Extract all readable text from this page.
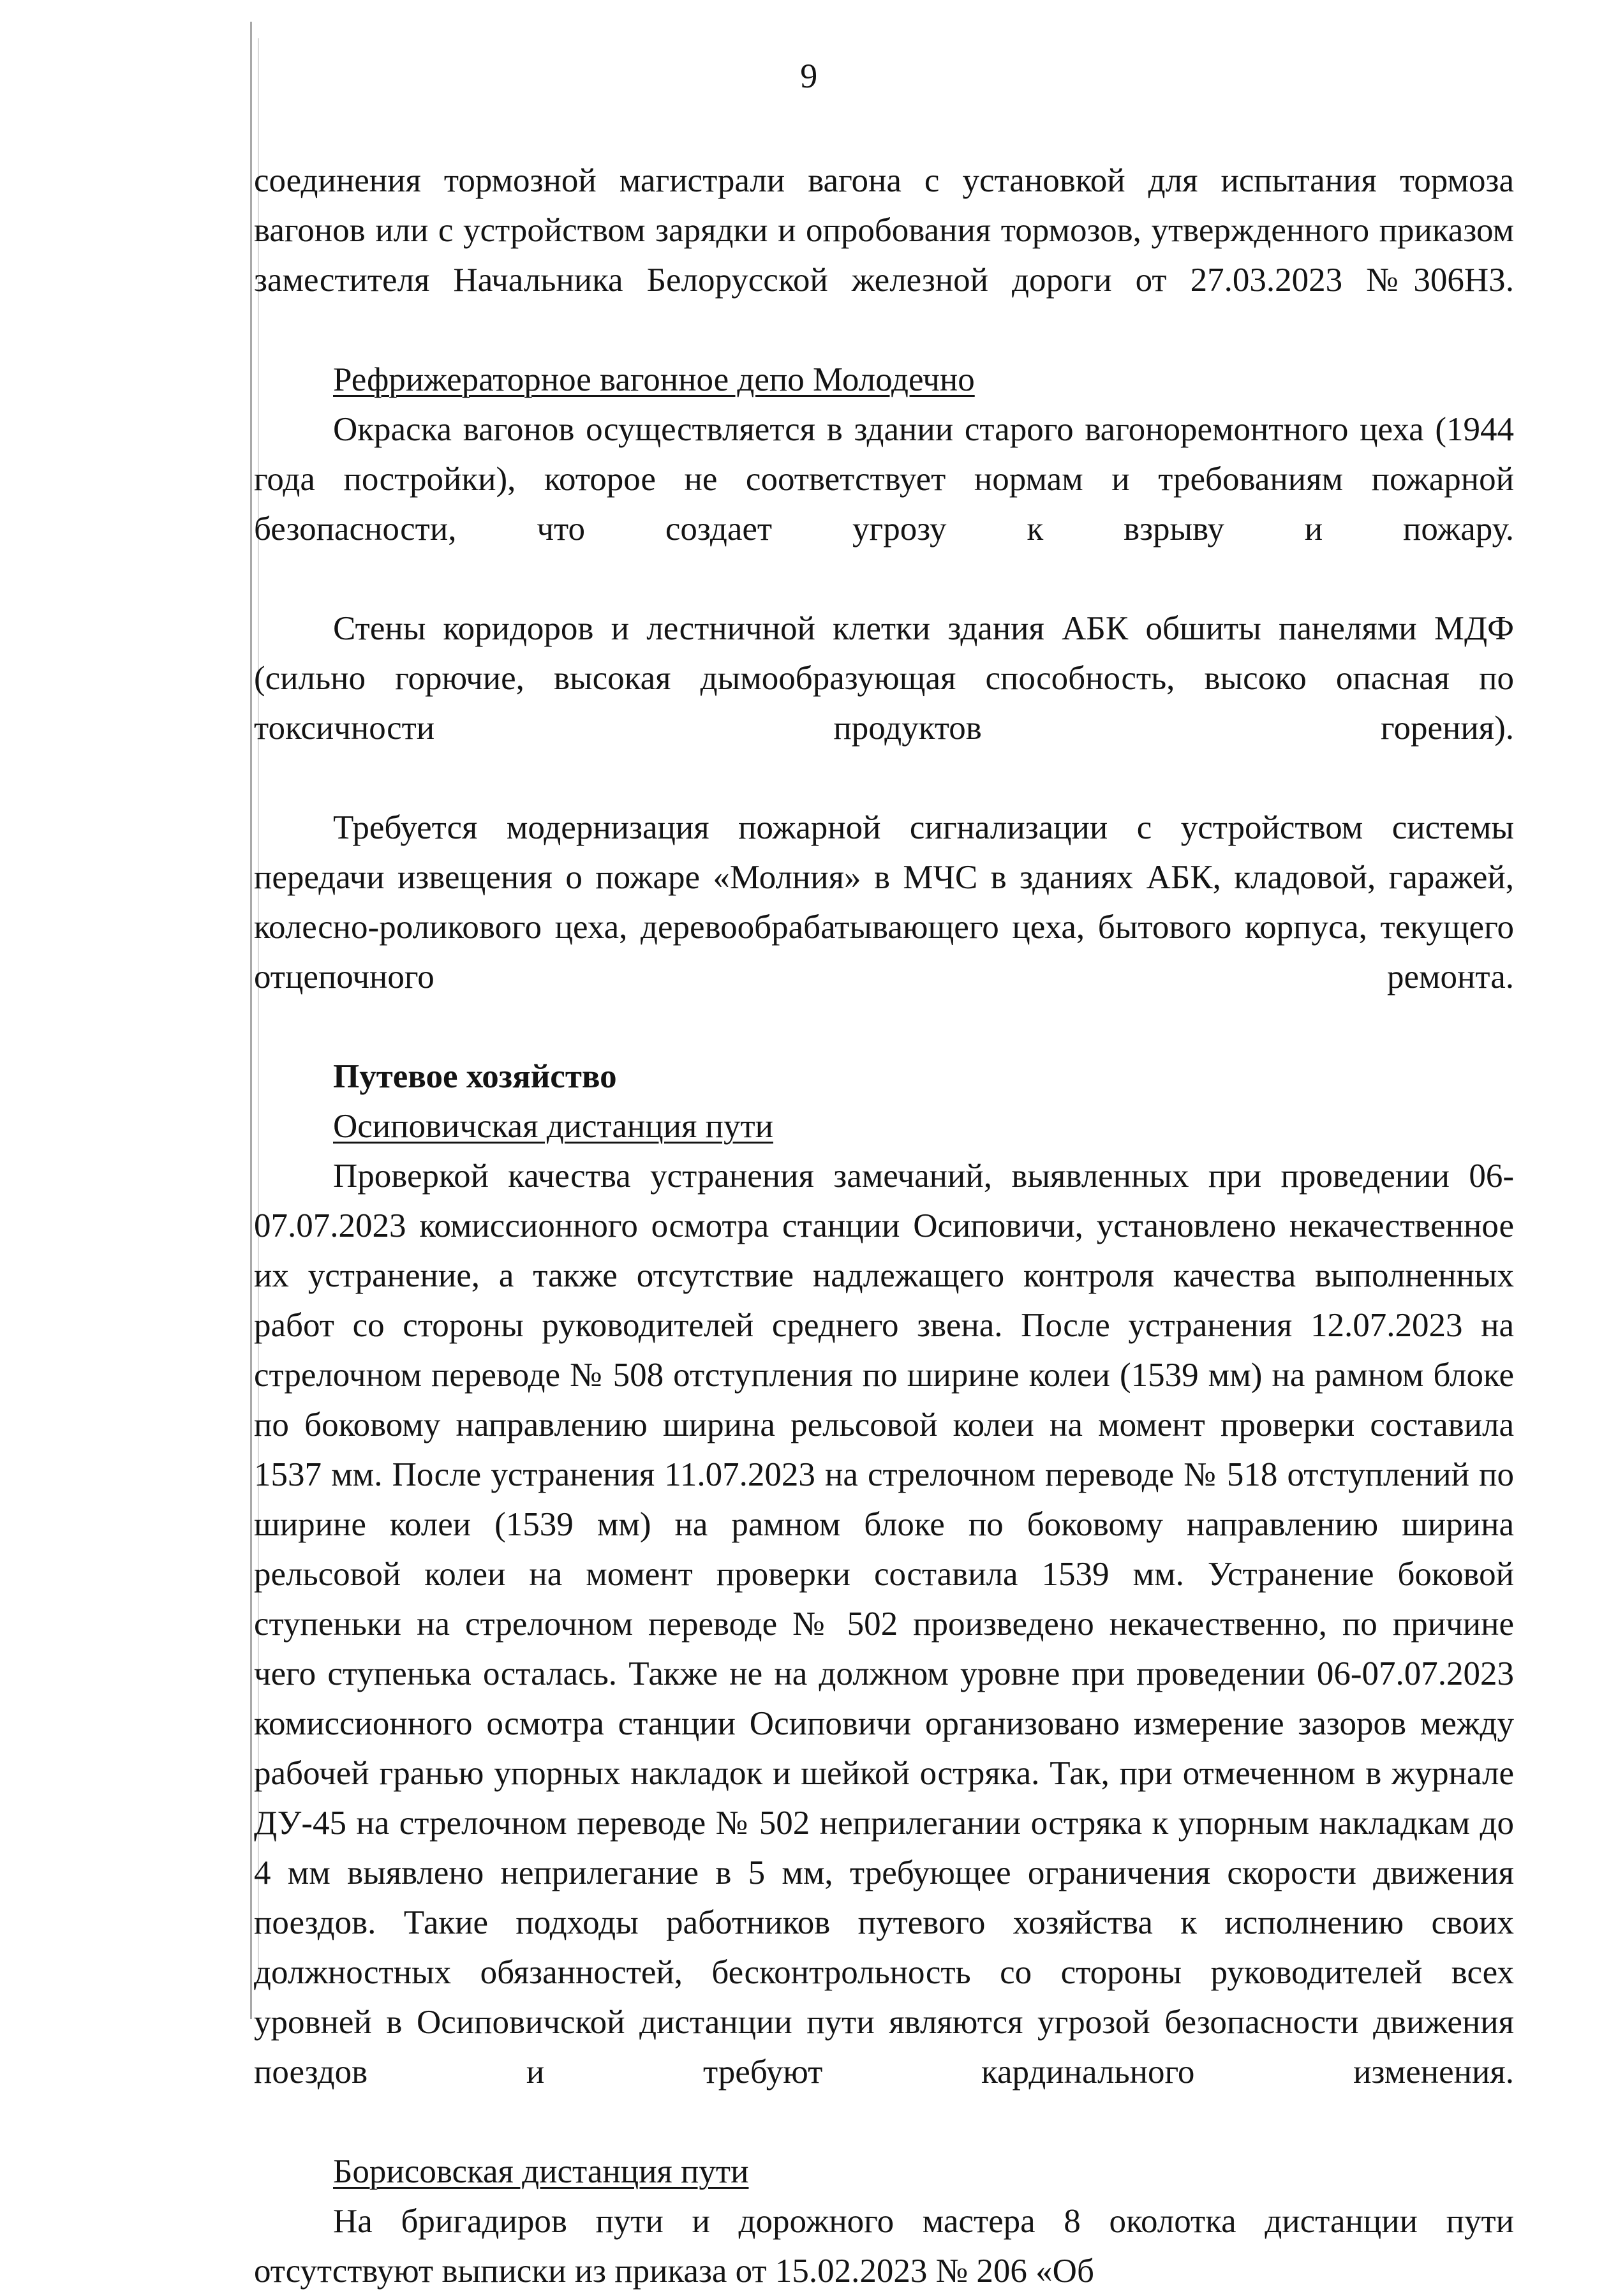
9

соединения тормозной магистрали вагона с установкой для испытания тормоза вагонов или с устройством зарядки и опробования тормозов, утвержденного приказом заместителя Начальника Белорусской железной дороги от 27.03.2023 №306НЗ.

Рефрижераторное вагонное депо Молодечно

Окраска вагонов осуществляется в здании старого вагоноремонтного цеха (1944 года постройки), которое не соответствует нормам и требованиям пожарной безопасности, что создает угрозу к взрыву и пожару.

Стены коридоров и лестничной клетки здания АБК обшиты панелями МДФ (сильно горючие, высокая дымообразующая способность, высоко опасная по токсичности продуктов горения).

Требуется модернизация пожарной сигнализации с устройством системы передачи извещения о пожаре «Молния» в МЧС в зданиях АБК, кладовой, гаражей, колесно-роликового цеха, деревообрабатывающего цеха, бытового корпуса, текущего отцепочного ремонта.

Путевое хозяйство
Осиповичская дистанция пути

Проверкой качества устранения замечаний, выявленных при проведении 06-07.07.2023 комиссионного осмотра станции Осиповичи, установлено некачественное их устранение, а также отсутствие надлежащего контроля качества выполненных работ со стороны руководителей среднего звена. После устранения 12.07.2023 на стрелочном переводе № 508 отступления по ширине колеи (1539 мм) на рамном блоке по боковому направлению ширина рельсовой колеи на момент проверки составила 1537 мм. После устранения 11.07.2023 на стрелочном переводе № 518 отступлений по ширине колеи (1539 мм) на рамном блоке по боковому направлению ширина рельсовой колеи на момент проверки составила 1539 мм. Устранение боковой ступеньки на стрелочном переводе № 502 произведено некачественно, по причине чего ступенька осталась. Также не на должном уровне при проведении 06-07.07.2023 комиссионного осмотра станции Осиповичи организовано измерение зазоров между рабочей гранью упорных накладок и шейкой остряка. Так, при отмеченном в журнале ДУ-45 на стрелочном переводе № 502 неприлегании остряка к упорным накладкам до 4 мм выявлено неприлегание в 5 мм, требующее ограничения скорости движения поездов. Такие подходы работников путевого хозяйства к исполнению своих должностных обязанностей, бесконтрольность со стороны руководителей всех уровней в Осиповичской дистанции пути являются угрозой безопасности движения поездов и требуют кардинального изменения.

Борисовская дистанция пути

На бригадиров пути и дорожного мастера 8 околотка дистанции пути отсутствуют выписки из приказа от 15.02.2023 № 206 «Об
